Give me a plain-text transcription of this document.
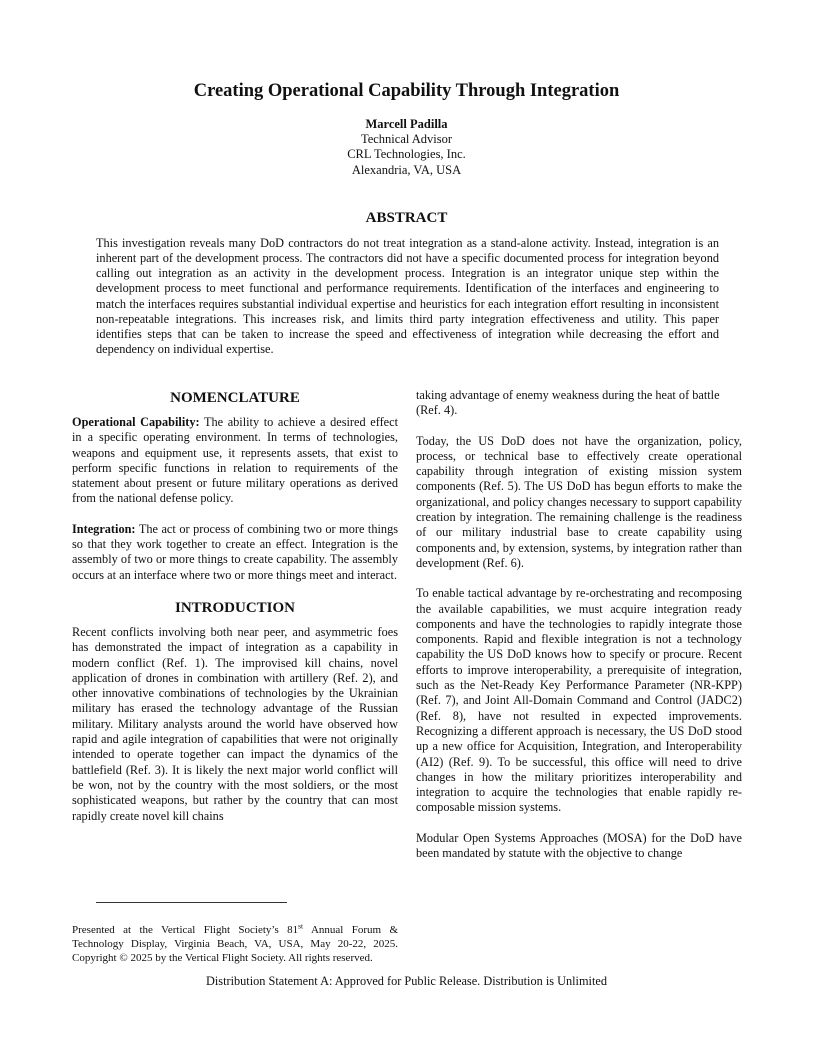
Creating Operational Capability Through Integration
Marcell Padilla
Technical Advisor
CRL Technologies, Inc.
Alexandria, VA, USA
ABSTRACT

This investigation reveals many DoD contractors do not treat integration as a stand-alone activity. Instead, integration is an inherent part of the development process. The contractors did not have a specific documented process for integration beyond calling out integration as an activity in the development process. Integration is an integrator unique step within the development process to meet functional and performance requirements. Identification of the interfaces and engineering to match the interfaces requires substantial individual expertise and heuristics for each integration effort resulting in inconsistent non-repeatable integrations. This increases risk, and limits third party integration effectiveness and utility. This paper identifies steps that can be taken to increase the speed and effectiveness of integration while decreasing the effort and dependency on individual expertise.

NOMENCLATURE

Operational Capability: The ability to achieve a desired effect in a specific operating environment. In terms of technologies, weapons and equipment use, it represents assets, that exist to perform specific functions in relation to requirements of the statement about present or future military operations as derived from the national defense policy.

Integration: The act or process of combining two or more things so that they work together to create an effect. Integration is the assembly of two or more things to create capability. The assembly occurs at an interface where two or more things meet and interact.

INTRODUCTION

Recent conflicts involving both near peer, and asymmetric foes has demonstrated the impact of integration as a capability in modern conflict (Ref. 1). The improvised kill chains, novel application of drones in combination with artillery (Ref. 2), and other innovative combinations of technologies by the Ukrainian military has erased the technology advantage of the Russian military. Military analysts around the world have observed how rapid and agile integration of capabilities that were not originally intended to operate together can impact the dynamics of the battlefield (Ref. 3). It is likely the next major world conflict will be won, not by the country with the most soldiers, or the most sophisticated weapons, but rather by the country that can most rapidly create novel kill chains

taking advantage of enemy weakness during the heat of battle (Ref. 4).

Today, the US DoD does not have the organization, policy, process, or technical base to effectively create operational capability through integration of existing mission system components (Ref. 5). The US DoD has begun efforts to make the organizational, and policy changes necessary to support capability creation by integration. The remaining challenge is the readiness of our military industrial base to create capability using components and, by extension, systems, by integration rather than development (Ref. 6).

To enable tactical advantage by re-orchestrating and recomposing the available capabilities, we must acquire integration ready components and have the technologies to rapidly integrate those components. Rapid and flexible integration is not a technology capability the US DoD knows how to specify or procure. Recent efforts to improve interoperability, a prerequisite of integration, such as the Net-Ready Key Performance Parameter (NR-KPP) (Ref. 7), and Joint All-Domain Command and Control (JADC2) (Ref. 8), have not resulted in expected improvements. Recognizing a different approach is necessary, the US DoD stood up a new office for Acquisition, Integration, and Interoperability (AI2) (Ref. 9). To be successful, this office will need to drive changes in how the military prioritizes interoperability and integration to acquire the technologies that enable rapidly re-composable mission systems.

Modular Open Systems Approaches (MOSA) for the DoD have been mandated by statute with the objective to change

Presented at the Vertical Flight Society’s 81st Annual Forum & Technology Display, Virginia Beach, VA, USA, May 20-22, 2025. Copyright © 2025 by the Vertical Flight Society. All rights reserved.

Distribution Statement A: Approved for Public Release. Distribution is Unlimited
